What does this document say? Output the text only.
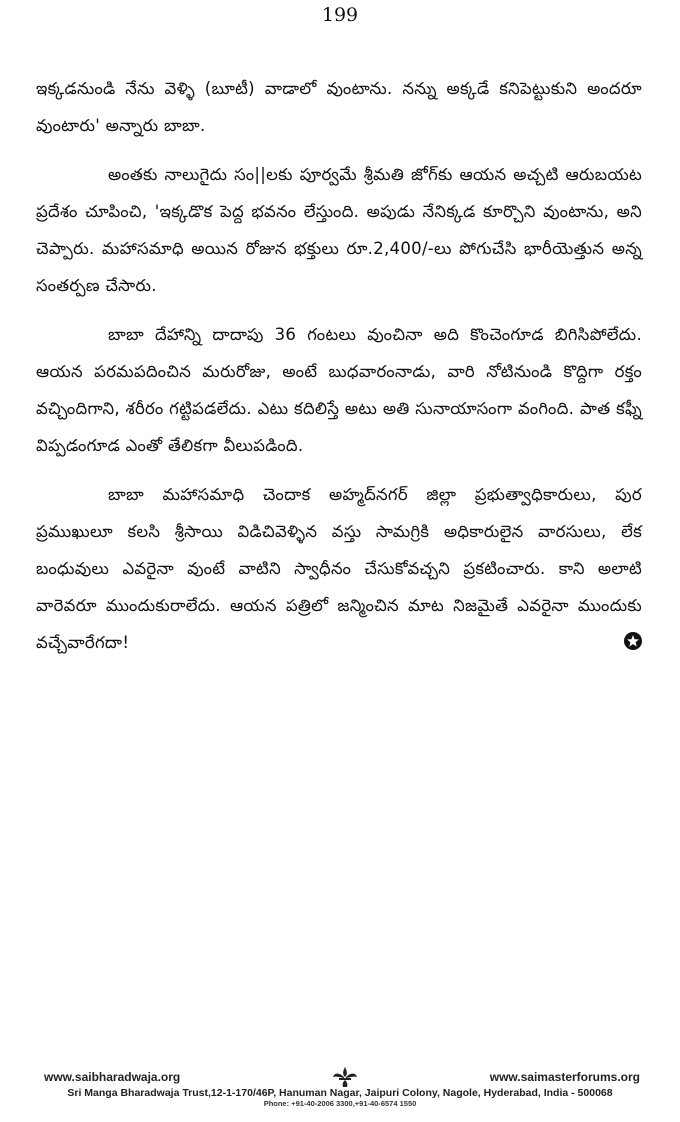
199

ఇక్కడనుండి నేను వెళ్ళి (బూటీ) వాడాలో వుంటాను. నన్ను అక్కడే కనిపెట్టుకుని అందరూ వుంటారు' అన్నారు బాబా.

అంతకు నాలుగైదు సం||లకు పూర్వమే శ్రీమతి జోగ్‌కు ఆయన అచ్చటి ఆరుబయట ప్రదేశం చూపించి, 'ఇక్కడొక పెద్ద భవనం లేస్తుంది. అపుడు నేనిక్కడ కూర్చొని వుంటాను, అని చెప్పారు. మహాసమాధి అయిన రోజున భక్తులు రూ.2,400/-లు పోగుచేసి భారీయెత్తున అన్న సంతర్పణ చేసారు.

బాబా దేహాన్ని దాదాపు 36 గంటలు వుంచినా అది కొంచెంగూడ బిగిసిపోలేదు. ఆయన పరమపదించిన మరురోజు, అంటే బుధవారంనాడు, వారి నోటినుండి కొద్దిగా రక్తం వచ్చిందిగాని, శరీరం గట్టిపడలేదు. ఎటు కదిలిస్తే అటు అతి సునాయాసంగా వంగింది. పాత కఫ్నీ విప్పడంగూడ ఎంతో తేలికగా వీలుపడింది.

బాబా మహాసమాధి చెందాక అహ్మద్‌నగర్ జిల్లా ప్రభుత్వాధికారులు, పుర ప్రముఖులూ కలసి శ్రీసాయి విడిచివెళ్ళిన వస్తు సామగ్రికి అధికారులైన వారసులు, లేక బంధువులు ఎవరైనా వుంటే వాటిని స్వాధీనం చేసుకోవచ్చని ప్రకటించారు. కాని అలాటి వారెవరూ ముందుకురాలేదు. ఆయన పత్రిలో జన్మించిన మాట నిజమైతే ఎవరైనా ముందుకు వచ్చేవారేగదా!

www.saibharadwaja.org	www.saimasterforums.org
Sri Manga Bharadwaja Trust,12-1-170/46P, Hanuman Nagar, Jaipuri Colony, Nagole, Hyderabad, India - 500068
Phone: +91-40-2006 3300,+91-40-6574 1550
